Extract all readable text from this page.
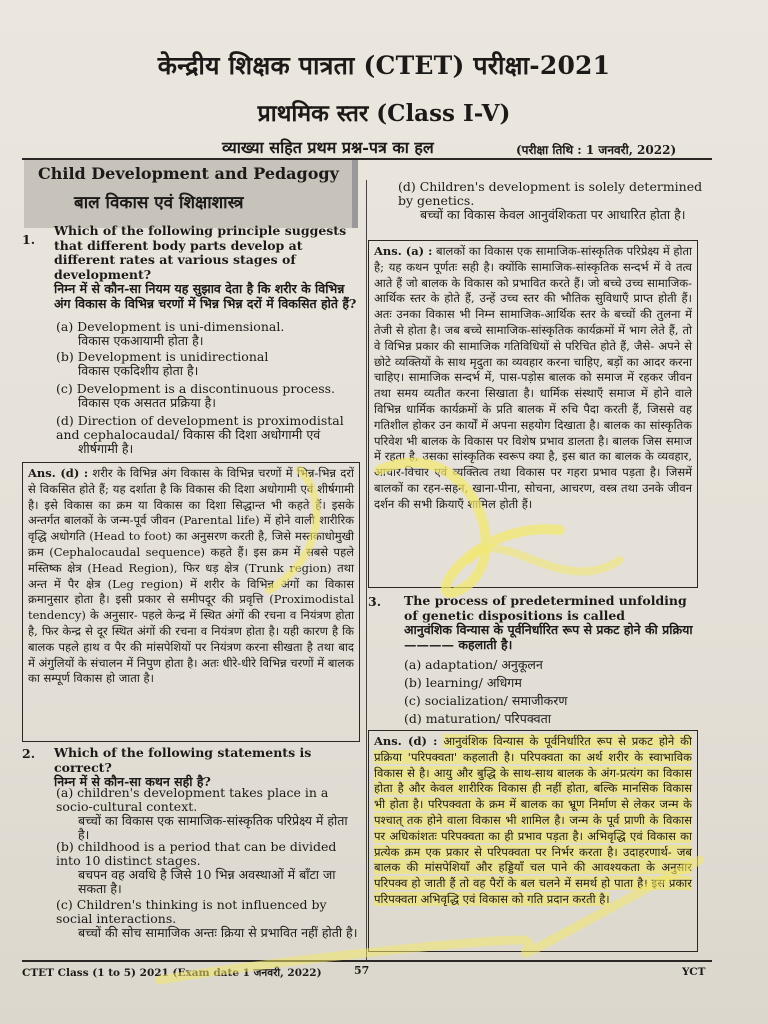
केन्द्रीय शिक्षक पात्रता (CTET) परीक्षा-2021
प्राथमिक स्तर (Class I-V)
व्याख्या सहित प्रथम प्रश्न-पत्र का हल	(परीक्षा तिथि : 1 जनवरी, 2022)
Child Development and Pedagogy
बाल विकास एवं शिक्षाशास्त्र
1.
Which of the following principle suggests that different body parts develop at different rates at various stages of development?
निम्न में से कौन-सा नियम यह सुझाव देता है कि शरीर के विभिन्न अंग विकास के विभिन्न चरणों में भिन्न भिन्न दरों में विकसित होते हैं?
(a) Development is uni-dimensional.
विकास एकआयामी होता है।
(b) Development is unidirectional
विकास एकदिशीय होता है।
(c) Development is a discontinuous process.
विकास एक असतत प्रक्रिया है।
(d) Direction of development is proximodistal and cephalocaudal/ विकास की दिशा अधोगामी एवं
शीर्षगामी है।
Ans. (d) : शरीर के विभिन्न अंग विकास के विभिन्न चरणों में भिन्न-भिन्न दरों से विकसित होते हैं; यह दर्शाता है कि विकास की दिशा अधोगामी एवं शीर्षगामी है। इसे विकास का क्रम या विकास का दिशा सिद्धान्त भी कहते हैं। इसके अन्तर्गत बालकों के जन्म-पूर्व जीवन (Parental life) में होने वाली शारीरिक वृद्धि अधोगति (Head to foot) का अनुसरण करती है, जिसे मस्तकाधोमुखी क्रम (Cephalocaudal sequence) कहते हैं। इस क्रम में सबसे पहले मस्तिष्क क्षेत्र (Head Region), फिर धड़ क्षेत्र (Trunk region) तथा अन्त में पैर क्षेत्र (Leg region) में शरीर के विभिन्न अंगों का विकास क्रमानुसार होता है। इसी प्रकार से समीपदूर की प्रवृत्ति (Proximodistal tendency) के अनुसार- पहले केन्द्र में स्थित अंगों की रचना व नियंत्रण होता है, फिर केन्द्र से दूर स्थित अंगों की रचना व नियंत्रण होता है। यही कारण है कि बालक पहले हाथ व पैर की मांसपेशियों पर नियंत्रण करना सीखता है तथा बाद में अंगुलियों के संचालन में निपुण होता है। अतः धीरे-धीरे विभिन्न चरणों में बालक का सम्पूर्ण विकास हो जाता है।
2. Which of the following statements is correct?
निम्न में से कौन-सा कथन सही है?
(a) children's development takes place in a socio-cultural context.
बच्चों का विकास एक सामाजिक-सांस्कृतिक परिप्रेक्ष्य में होता है।
(b) childhood is a period that can be divided into 10 distinct stages.
बचपन वह अवधि है जिसे 10 भिन्न अवस्थाओं में बाँटा जा सकता है।
(c) Children's thinking is not influenced by social interactions.
बच्चों की सोच सामाजिक अन्तः क्रिया से प्रभावित नहीं होती है।
(d) Children's development is solely determined by genetics.
बच्चों का विकास केवल आनुवंशिकता पर आधारित होता है।
Ans. (a) : बालकों का विकास एक सामाजिक-सांस्कृतिक परिप्रेक्ष्य में होता है; यह कथन पूर्णतः सही है। क्योंकि सामाजिक-सांस्कृतिक सन्दर्भ में वे तत्व आते हैं जो बालक के विकास को प्रभावित करते हैं। जो बच्चे उच्च सामाजिक-आर्थिक स्तर के होते हैं, उन्हें उच्च स्तर की भौतिक सुविधाएँ प्राप्त होती हैं। अतः उनका विकास भी निम्न सामाजिक-आर्थिक स्तर के बच्चों की तुलना में तेजी से होता है। जब बच्चे सामाजिक-सांस्कृतिक कार्यक्रमों में भाग लेते हैं, तो वे विभिन्न प्रकार की सामाजिक गतिविधियों से परिचित होते हैं, जैसे- अपने से छोटे व्यक्तियों के साथ मृदुता का व्यवहार करना चाहिए, बड़ों का आदर करना चाहिए। सामाजिक सन्दर्भ में, पास-पड़ोस बालक को समाज में रहकर जीवन तथा समय व्यतीत करना सिखाता है। धार्मिक संस्थाएँ समाज में होने वाले विभिन्न धार्मिक कार्यक्रमों के प्रति बालक में रुचि पैदा करती हैं, जिससे वह गतिशील होकर उन कार्यों में अपना सहयोग दिखाता है। बालक का सांस्कृतिक परिवेश भी बालक के विकास पर विशेष प्रभाव डालता है। बालक जिस समाज में रहता है, उसका सांस्कृतिक स्वरूप क्या है, इस बात का बालक के व्यवहार, आचार-विचार एवं व्यक्तित्व तथा विकास पर गहरा प्रभाव पड़ता है। जिसमें बालकों का रहन-सहन, खाना-पीना, सोचना, आचरण, वस्त्र तथा उनके जीवन दर्शन की सभी क्रियाएँ शामिल होती हैं।
3. The process of predetermined unfolding of genetic dispositions is called
आनुवंशिक विन्यास के पूर्वनिर्धारित रूप से प्रकट होने की प्रक्रिया ———— कहलाती है।
(a) adaptation/ अनुकूलन
(b) learning/ अधिगम
(c) socialization/ समाजीकरण
(d) maturation/ परिपक्वता
Ans. (d) : आनुवंशिक विन्यास के पूर्वनिर्धारित रूप से प्रकट होने की प्रक्रिया 'परिपक्वता' कहलाती है। परिपक्वता का अर्थ शरीर के स्वाभाविक विकास से है। आयु और बुद्धि के साथ-साथ बालक के अंग-प्रत्यंग का विकास होता है और केवल शारीरिक विकास ही नहीं होता, बल्कि मानसिक विकास भी होता है। परिपक्वता के क्रम में बालक का भ्रूण निर्माण से लेकर जन्म के पश्चात् तक होने वाला विकास भी शामिल है। जन्म के पूर्व प्राणी के विकास पर अधिकांशतः परिपक्वता का ही प्रभाव पड़ता है। अभिवृद्धि एवं विकास का प्रत्येक क्रम एक प्रकार से परिपक्वता पर निर्भर करता है। उदाहरणार्थ- जब बालक की मांसपेशियाँ और हड्डियाँ चल पाने की आवश्यकता के अनुसार परिपक्व हो जाती हैं तो वह पैरों के बल चलने में समर्थ हो पाता है। इस प्रकार परिपक्वता अभिवृद्धि एवं विकास को गति प्रदान करती है।
CTET Class (1 to 5) 2021 (Exam date 1 जनवरी, 2022)	57	YCT
